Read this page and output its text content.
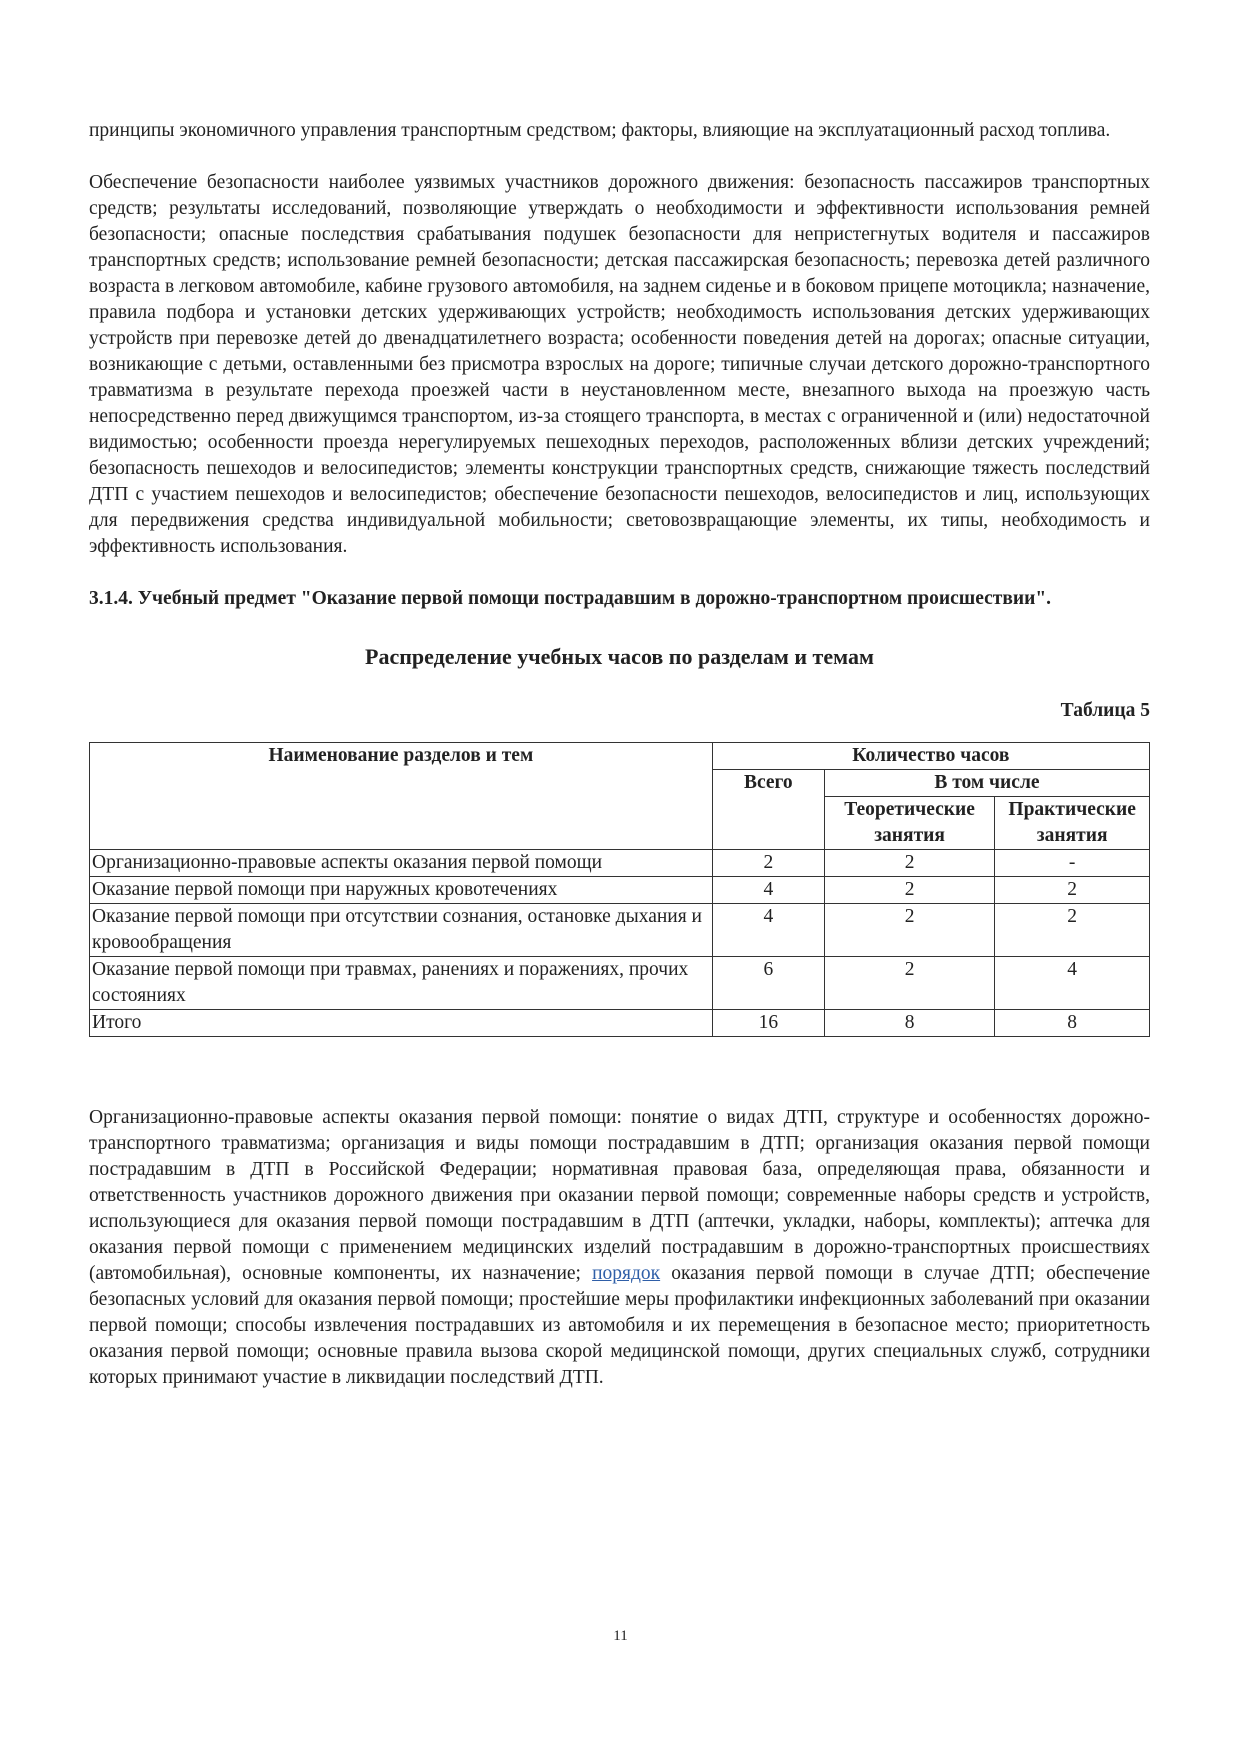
принципы экономичного управления транспортным средством; факторы, влияющие на эксплуатационный расход топлива.

Обеспечение безопасности наиболее уязвимых участников дорожного движения: безопасность пассажиров транспортных средств; результаты исследований, позволяющие утверждать о необходимости и эффективности использования ремней безопасности; опасные последствия срабатывания подушек безопасности для непристегнутых водителя и пассажиров транспортных средств; использование ремней безопасности; детская пассажирская безопасность; перевозка детей различного возраста в легковом автомобиле, кабине грузового автомобиля, на заднем сиденье и в боковом прицепе мотоцикла; назначение, правила подбора и установки детских удерживающих устройств; необходимость использования детских удерживающих устройств при перевозке детей до двенадцатилетнего возраста; особенности поведения детей на дорогах; опасные ситуации, возникающие с детьми, оставленными без присмотра взрослых на дороге; типичные случаи детского дорожно-транспортного травматизма в результате перехода проезжей части в неустановленном месте, внезапного выхода на проезжую часть непосредственно перед движущимся транспортом, из-за стоящего транспорта, в местах с ограниченной и (или) недостаточной видимостью; особенности проезда нерегулируемых пешеходных переходов, расположенных вблизи детских учреждений; безопасность пешеходов и велосипедистов; элементы конструкции транспортных средств, снижающие тяжесть последствий ДТП с участием пешеходов и велосипедистов; обеспечение безопасности пешеходов, велосипедистов и лиц, использующих для передвижения средства индивидуальной мобильности; световозвращающие элементы, их типы, необходимость и эффективность использования.

3.1.4. Учебный предмет "Оказание первой помощи пострадавшим в дорожно-транспортном происшествии".
Распределение учебных часов по разделам и темам
Таблица 5
Наименование разделов и тем	Количество часов		
	Всего	В том числе	
		Теоретические занятия	Практические занятия
Организационно-правовые аспекты оказания первой помощи	2	2	-
Оказание первой помощи при наружных кровотечениях	4	2	2
Оказание первой помощи при отсутствии сознания, остановке дыхания и кровообращения	4	2	2
Оказание первой помощи при травмах, ранениях и поражениях, прочих состояниях	6	2	4
Итого	16	8	8

Организационно-правовые аспекты оказания первой помощи: понятие о видах ДТП, структуре и особенностях дорожно-транспортного травматизма; организация и виды помощи пострадавшим в ДТП; организация оказания первой помощи пострадавшим в ДТП в Российской Федерации; нормативная правовая база, определяющая права, обязанности и ответственность участников дорожного движения при оказании первой помощи; современные наборы средств и устройств, использующиеся для оказания первой помощи пострадавшим в ДТП (аптечки, укладки, наборы, комплекты); аптечка для оказания первой помощи с применением медицинских изделий пострадавшим в дорожно-транспортных происшествиях (автомобильная), основные компоненты, их назначение; порядок оказания первой помощи в случае ДТП; обеспечение безопасных условий для оказания первой помощи; простейшие меры профилактики инфекционных заболеваний при оказании первой помощи; способы извлечения пострадавших из автомобиля и их перемещения в безопасное место; приоритетность оказания первой помощи; основные правила вызова скорой медицинской помощи, других специальных служб, сотрудники которых принимают участие в ликвидации последствий ДТП.

11
